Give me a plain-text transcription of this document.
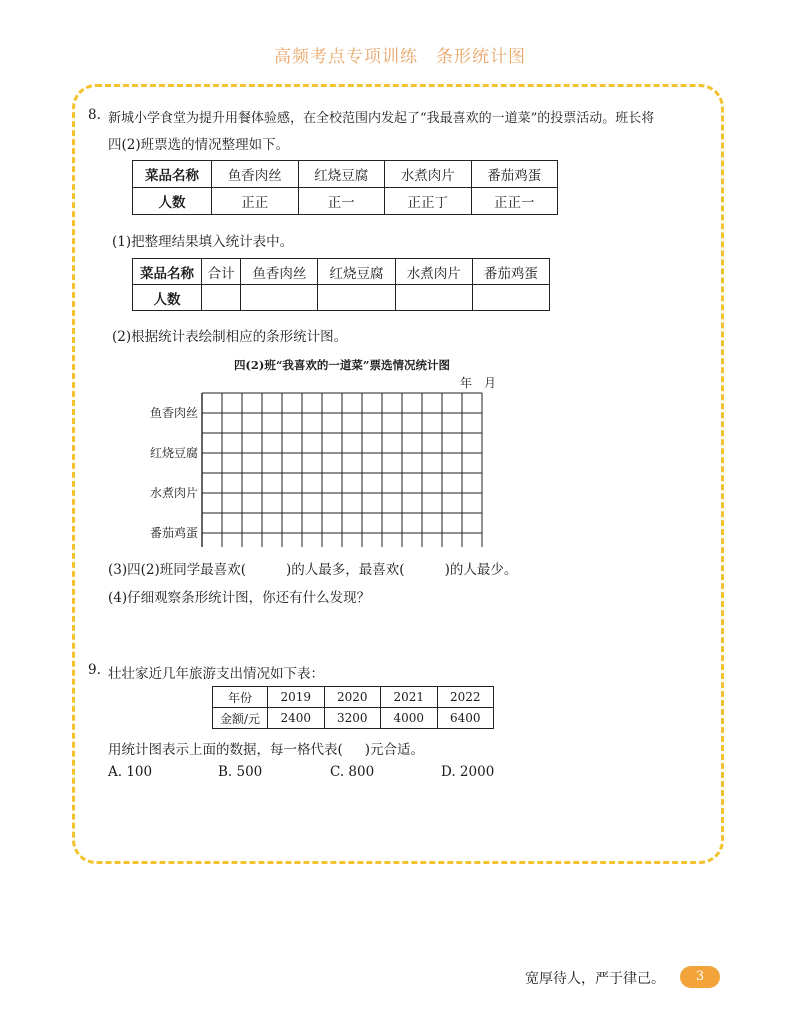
高频考点专项训练　条形统计图
8. 新城小学食堂为提升用餐体验感，在全校范围内发起了“我最喜欢的一道菜”的投票活动。班长将
四(2)班票选的情况整理如下。
菜品名称	鱼香肉丝	红烧豆腐	水煮肉片	番茄鸡蛋
人数	正正	正一	正正丁	正正一
(1)把整理结果填入统计表中。
菜品名称	合计	鱼香肉丝	红烧豆腐	水煮肉片	番茄鸡蛋
人数					
(2)根据统计表绘制相应的条形统计图。
四(2)班“我喜欢的一道菜”票选情况统计图
年　月
鱼香肉丝
红烧豆腐
水煮肉片
番茄鸡蛋
(3)四(2)班同学最喜欢(	)的人最多，最喜欢(	)的人最少。
(4)仔细观察条形统计图，你还有什么发现？
9. 壮壮家近几年旅游支出情况如下表：
年份	2019	2020	2021	2022
金额/元	2400	3200	4000	6400
用统计图表示上面的数据，每一格代表( )元合适。
A. 100	B. 500	C. 800	D. 2000
宽厚待人，严于律己。	3
